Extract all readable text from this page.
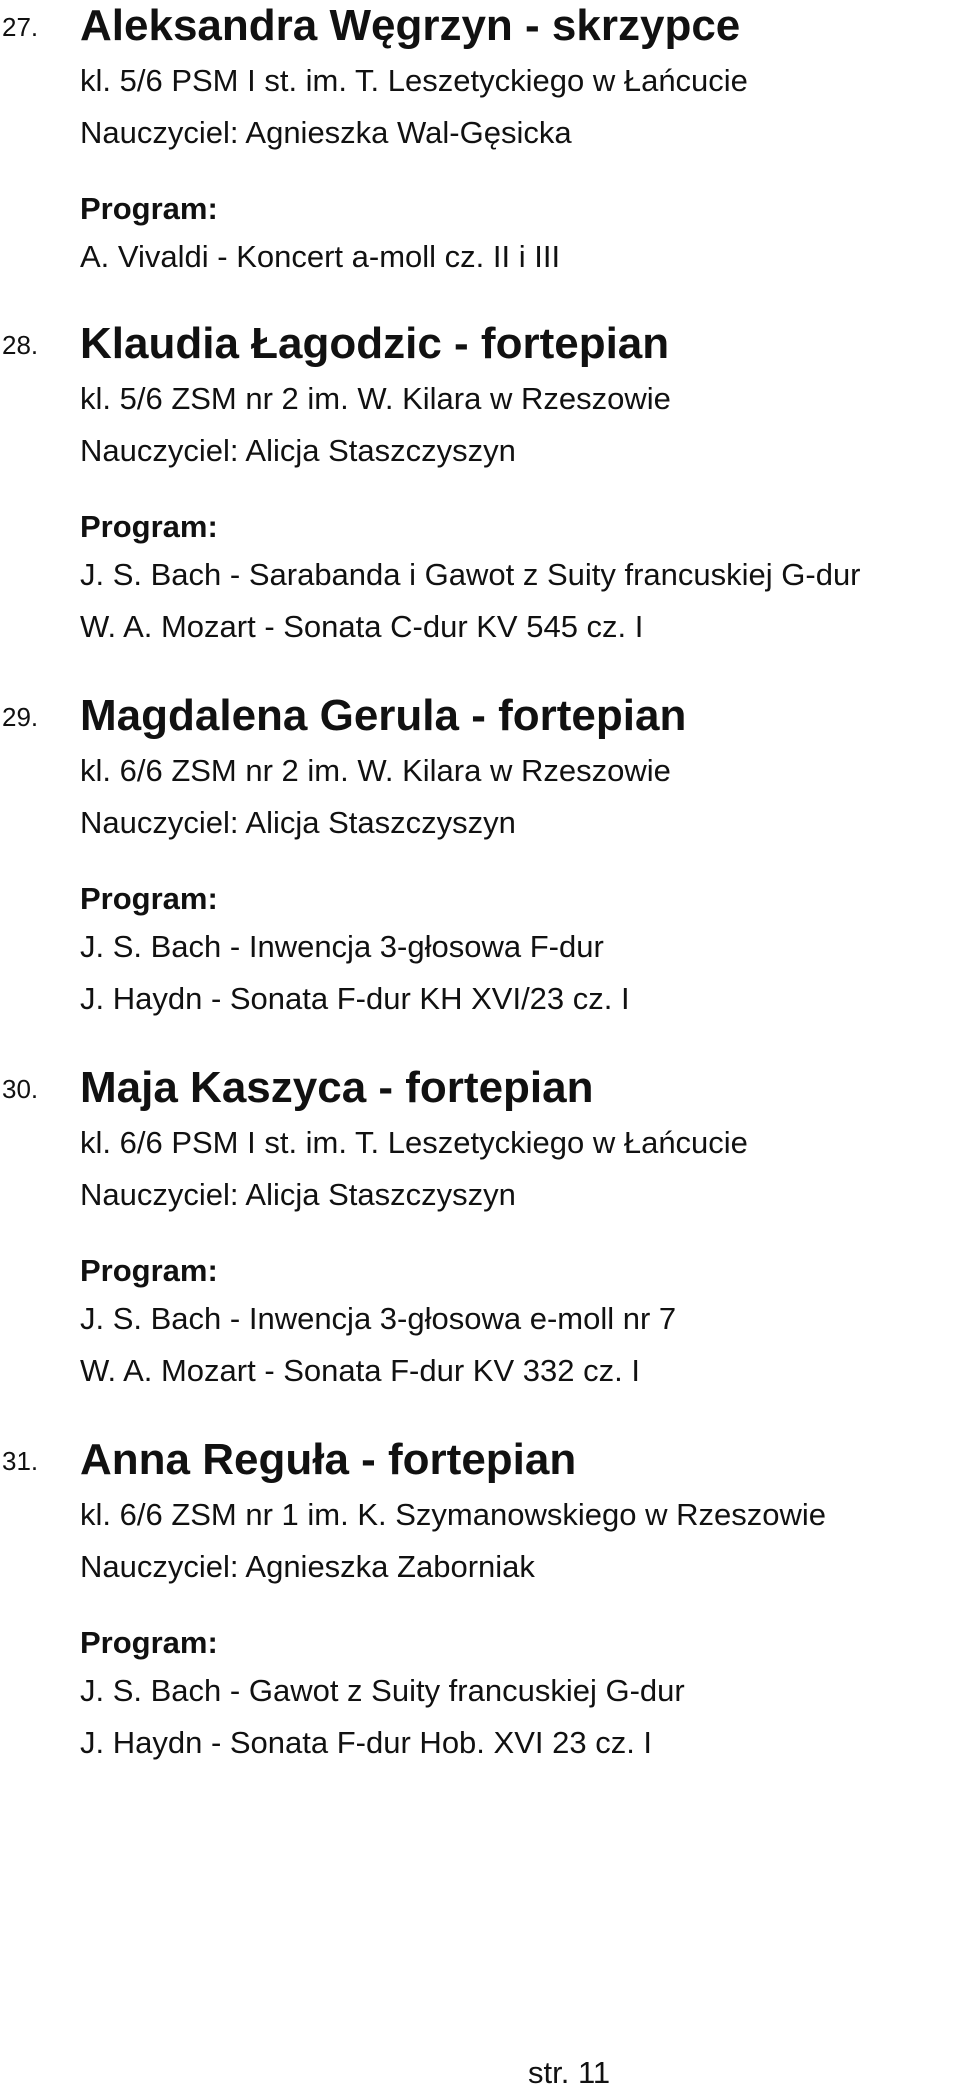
27. Aleksandra Węgrzyn - skrzypce
kl. 5/6 PSM I st. im. T. Leszetyckiego w Łańcucie
Nauczyciel: Agnieszka Wal-Gęsicka
Program:
A. Vivaldi - Koncert a-moll cz. II i III
28. Klaudia Łagodzic - fortepian
kl. 5/6 ZSM nr 2 im. W. Kilara w Rzeszowie
Nauczyciel: Alicja Staszczyszyn
Program:
J. S. Bach - Sarabanda i Gawot z Suity francuskiej G-dur
W. A. Mozart - Sonata C-dur KV 545 cz. I
29. Magdalena Gerula - fortepian
kl. 6/6 ZSM nr 2 im. W. Kilara w Rzeszowie
Nauczyciel: Alicja Staszczyszyn
Program:
J. S. Bach - Inwencja 3-głosowa F-dur
J. Haydn - Sonata F-dur KH XVI/23 cz. I
30. Maja Kaszyca - fortepian
kl. 6/6 PSM I st. im. T. Leszetyckiego w Łańcucie
Nauczyciel: Alicja Staszczyszyn
Program:
J. S. Bach - Inwencja 3-głosowa e-moll nr 7
W. A. Mozart - Sonata F-dur KV 332 cz. I
31. Anna Reguła - fortepian
kl. 6/6 ZSM nr 1 im. K. Szymanowskiego w Rzeszowie
Nauczyciel: Agnieszka Zaborniak
Program:
J. S. Bach - Gawot z Suity francuskiej G-dur
J. Haydn - Sonata F-dur Hob. XVI 23 cz. I
str. 11
